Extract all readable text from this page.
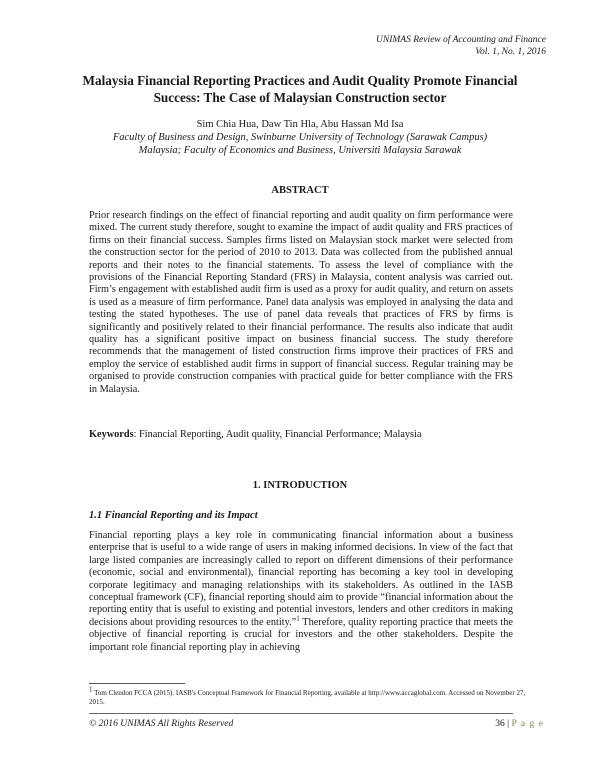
UNIMAS Review of Accounting and Finance
Vol. 1, No. 1, 2016
Malaysia Financial Reporting Practices and Audit Quality Promote Financial Success: The Case of Malaysian Construction sector
Sim Chia Hua, Daw Tin Hla, Abu Hassan Md Isa
Faculty of Business and Design, Swinburne University of Technology (Sarawak Campus)
Malaysia; Faculty of Economics and Business, Universiti Malaysia Sarawak
ABSTRACT

Prior research findings on the effect of financial reporting and audit quality on firm performance were mixed. The current study therefore, sought to examine the impact of audit quality and FRS practices of firms on their financial success. Samples firms listed on Malaysian stock market were selected from the construction sector for the period of 2010 to 2013. Data was collected from the published annual reports and their notes to the financial statements. To assess the level of compliance with the provisions of the Financial Reporting Standard (FRS) in Malaysia, content analysis was carried out. Firm’s engagement with established audit firm is used as a proxy for audit quality, and return on assets is used as a measure of firm performance. Panel data analysis was employed in analysing the data and testing the stated hypotheses. The use of panel data reveals that practices of FRS by firms is significantly and positively related to their financial performance. The results also indicate that audit quality has a significant positive impact on business financial success. The study therefore recommends that the management of listed construction firms improve their practices of FRS and employ the service of established audit firms in support of financial success. Regular training may be organised to provide construction companies with practical guide for better compliance with the FRS in Malaysia.

Keywords: Financial Reporting, Audit quality, Financial Performance; Malaysia
1. INTRODUCTION
1.1 Financial Reporting and its Impact

Financial reporting plays a key role in communicating financial information about a business enterprise that is useful to a wide range of users in making informed decisions. In view of the fact that large listed companies are increasingly called to report on different dimensions of their performance (economic, social and environmental), financial reporting has becoming a key tool in developing corporate legitimacy and managing relationships with its stakeholders. As outlined in the IASB conceptual framework (CF), financial reporting should aim to provide “financial information about the reporting entity that is useful to existing and potential investors, lenders and other creditors in making decisions about providing resources to the entity.”$^1$ Therefore, quality reporting practice that meets the objective of financial reporting is crucial for investors and the other stakeholders. Despite the important role financial reporting play in achieving

$^1$ Tom Clendon FCCA (2015). IASB's Conceptual Framework for Financial Reporting, available at http://www.accaglobal.com. Accessed on November 27, 2015.
© 2016 UNIMAS All Rights Reserved	36 | P a g e
